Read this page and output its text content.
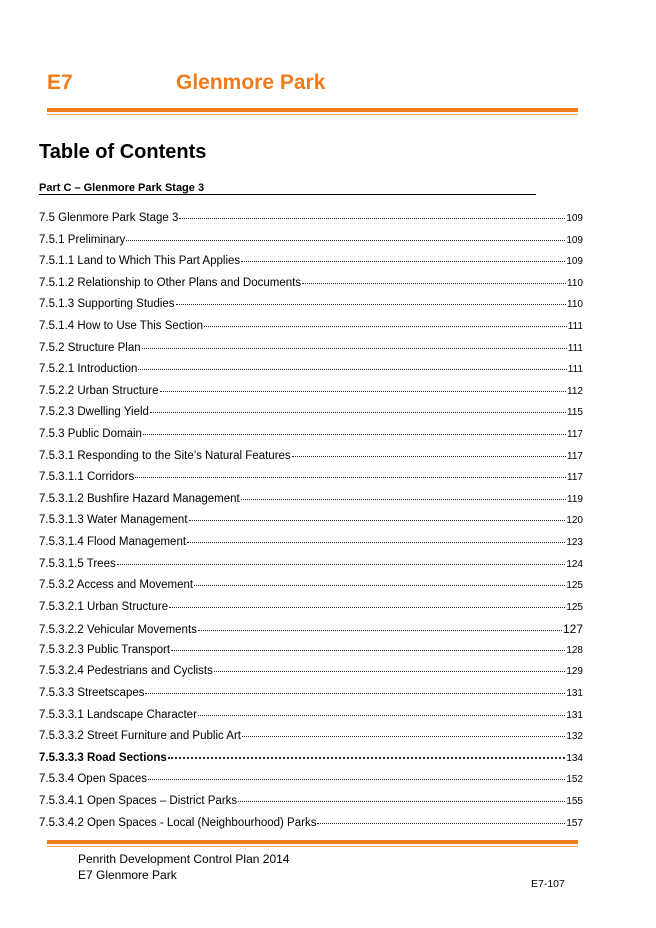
E7	Glenmore Park
Table of Contents
Part C – Glenmore Park Stage 3
7.5 Glenmore Park Stage 3	109
7.5.1 Preliminary	109
7.5.1.1 Land to Which This Part Applies	109
7.5.1.2 Relationship to Other Plans and Documents	110
7.5.1.3 Supporting Studies	110
7.5.1.4 How to Use This Section	111
7.5.2 Structure Plan	111
7.5.2.1 Introduction	111
7.5.2.2 Urban Structure	112
7.5.2.3 Dwelling Yield	115
7.5.3 Public Domain	117
7.5.3.1 Responding to the Site’s Natural Features	117
7.5.3.1.1 Corridors	117
7.5.3.1.2 Bushfire Hazard Management	119
7.5.3.1.3 Water Management	120
7.5.3.1.4 Flood Management	123
7.5.3.1.5 Trees	124
7.5.3.2 Access and Movement	125
7.5.3.2.1 Urban Structure	125
7.5.3.2.2 Vehicular Movements	127
7.5.3.2.3 Public Transport	128
7.5.3.2.4 Pedestrians and Cyclists	129
7.5.3.3 Streetscapes	131
7.5.3.3.1 Landscape Character	131
7.5.3.3.2 Street Furniture and Public Art	132
7.5.3.3.3 Road Sections	134
7.5.3.4 Open Spaces	152
7.5.3.4.1 Open Spaces – District Parks	155
7.5.3.4.2 Open Spaces - Local (Neighbourhood) Parks	157
Penrith Development Control Plan 2014
E7 Glenmore Park
E7-107
